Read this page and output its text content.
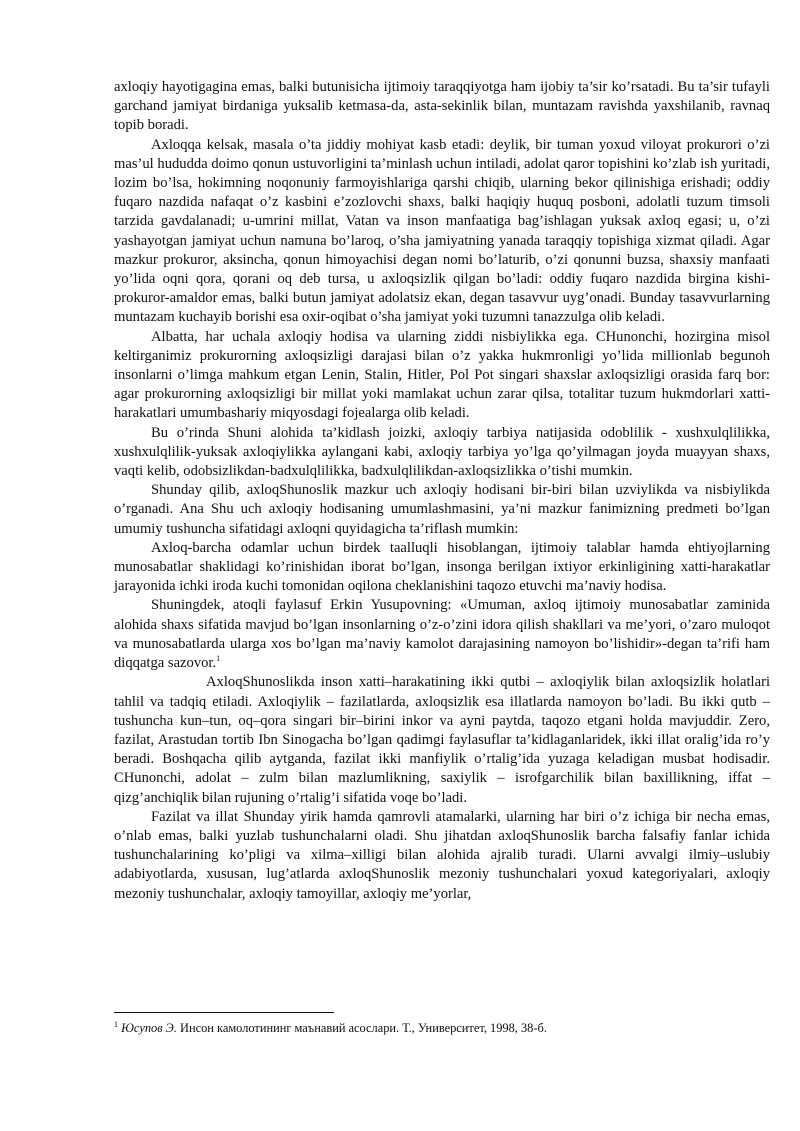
axloqiy hayotigagina emas, balki butunisicha ijtimoiy taraqqiyotga ham ijobiy ta’sir ko’rsatadi. Bu ta’sir tufayli garchand jamiyat birdaniga yuksalib ketmasa-da, asta-sekinlik bilan, muntazam ravishda yaxshilanib, ravnaq topib boradi.

Axloqqa kelsak, masala o’ta jiddiy mohiyat kasb etadi: deylik, bir tuman yoxud viloyat prokurori o’zi mas’ul hududda doimo qonun ustuvorligini ta’minlash uchun intiladi, adolat qaror topishini ko’zlab ish yuritadi, lozim bo’lsa, hokimning noqonuniy farmoyishlariga qarshi chiqib, ularning bekor qilinishiga erishadi; oddiy fuqaro nazdida nafaqat o’z kasbini e’zozlovchi shaxs, balki haqiqiy huquq posboni, adolatli tuzum timsoli tarzida gavdalanadi; u-umrini millat, Vatan va inson manfaatiga bag’ishlagan yuksak axloq egasi; u, o’zi yashayotgan jamiyat uchun namuna bo’laroq, o’sha jamiyatning yanada taraqqiy topishiga xizmat qiladi. Agar mazkur prokuror, aksincha, qonun himoyachisi degan nomi bo’laturib, o’zi qonunni buzsa, shaxsiy manfaati yo’lida oqni qora, qorani oq deb tursa, u axloqsizlik qilgan bo’ladi: oddiy fuqaro nazdida birgina kishi-prokuror-amaldor emas, balki butun jamiyat adolatsiz ekan, degan tasavvur uyg’onadi. Bunday tasavvurlarning muntazam kuchayib borishi esa oxir-oqibat o’sha jamiyat yoki tuzumni tanazzulga olib keladi.

Albatta, har uchala axloqiy hodisa va ularning ziddi nisbiylikka ega. CHunonchi, hozirgina misol keltirganimiz prokurorning axloqsizligi darajasi bilan o’z yakka hukmronligi yo’lida millionlab begunoh insonlarni o’limga mahkum etgan Lenin, Stalin, Hitler, Pol Pot singari shaxslar axloqsizligi orasida farq bor: agar prokurorning axloqsizligi bir millat yoki mamlakat uchun zarar qilsa, totalitar tuzum hukmdorlari xatti-harakatlari umumbashariy miqyosdagi fojealarga olib keladi.

Bu o’rinda Shuni alohida ta’kidlash joizki, axloqiy tarbiya natijasida odoblilik - xushxulqlilikka, xushxulqlilik-yuksak axloqiylikka aylangani kabi, axloqiy tarbiya yo’lga qo’yilmagan joyda muayyan shaxs, vaqti kelib, odobsizlikdan-badxulqlilikka, badxulqlilikdan-axloqsizlikka o’tishi mumkin.

Shunday qilib, axloqShunoslik mazkur uch axloqiy hodisani bir-biri bilan uzviylikda va nisbiylikda o’rganadi. Ana Shu uch axloqiy hodisaning umumlashmasini, ya’ni mazkur fanimizning predmeti bo’lgan umumiy tushuncha sifatidagi axloqni quyidagicha ta’riflash mumkin:

Axloq-barcha odamlar uchun birdek taalluqli hisoblangan, ijtimoiy talablar hamda ehtiyojlarning munosabatlar shaklidagi ko’rinishidan iborat bo’lgan, insonga berilgan ixtiyor erkinligining xatti-harakatlar jarayonida ichki iroda kuchi tomonidan oqilona cheklanishini taqozo etuvchi ma’naviy hodisa.

Shuningdek, atoqli faylasuf Erkin Yusupovning: «Umuman, axloq ijtimoiy munosabatlar zaminida alohida shaxs sifatida mavjud bo’lgan insonlarning o’z-o’zini idora qilish shakllari va me’yori, o’zaro muloqot va munosabatlarda ularga xos bo’lgan ma’naviy kamolot darajasining namoyon bo’lishidir»-degan ta’rifi ham diqqatga sazovor.$^1$

AxloqShunoslikda inson xatti–harakatining ikki qutbi – axloqiylik bilan axloqsizlik holatlari tahlil va tadqiq etiladi. Axloqiylik – fazilatlarda, axloqsizlik esa illatlarda namoyon bo’ladi. Bu ikki qutb – tushuncha kun–tun, oq–qora singari bir–birini inkor va ayni paytda, taqozo etgani holda mavjuddir. Zero, fazilat, Arastudan tortib Ibn Sinogacha bo’lgan qadimgi faylasuflar ta’kidlaganlaridek, ikki illat oralig’ida ro’y beradi. Boshqacha qilib aytganda, fazilat ikki manfiylik o’rtalig’ida yuzaga keladigan musbat hodisadir. CHunonchi, adolat – zulm bilan mazlumlikning, saxiylik – isrofgarchilik bilan baxillikning, iffat – qizg’anchiqlik bilan rujuning o’rtalig’i sifatida voqe bo’ladi.

Fazilat va illat Shunday yirik hamda qamrovli atamalarki, ularning har biri o’z ichiga bir necha emas, o’nlab emas, balki yuzlab tushunchalarni oladi. Shu jihatdan axloqShunoslik barcha falsafiy fanlar ichida tushunchalarining ko’pligi va xilma–xilligi bilan alohida ajralib turadi. Ularni avvalgi ilmiy–uslubiy adabiyotlarda, xususan, lug’atlarda axloqShunoslik mezoniy tushunchalari yoxud kategoriyalari, axloqiy mezoniy tushunchalar, axloqiy tamoyillar, axloqiy me’yorlar,

$^1$ Юсупов Э. Инсон камолотининг маънавий асослари. Т., Университет, 1998, 38-б.
